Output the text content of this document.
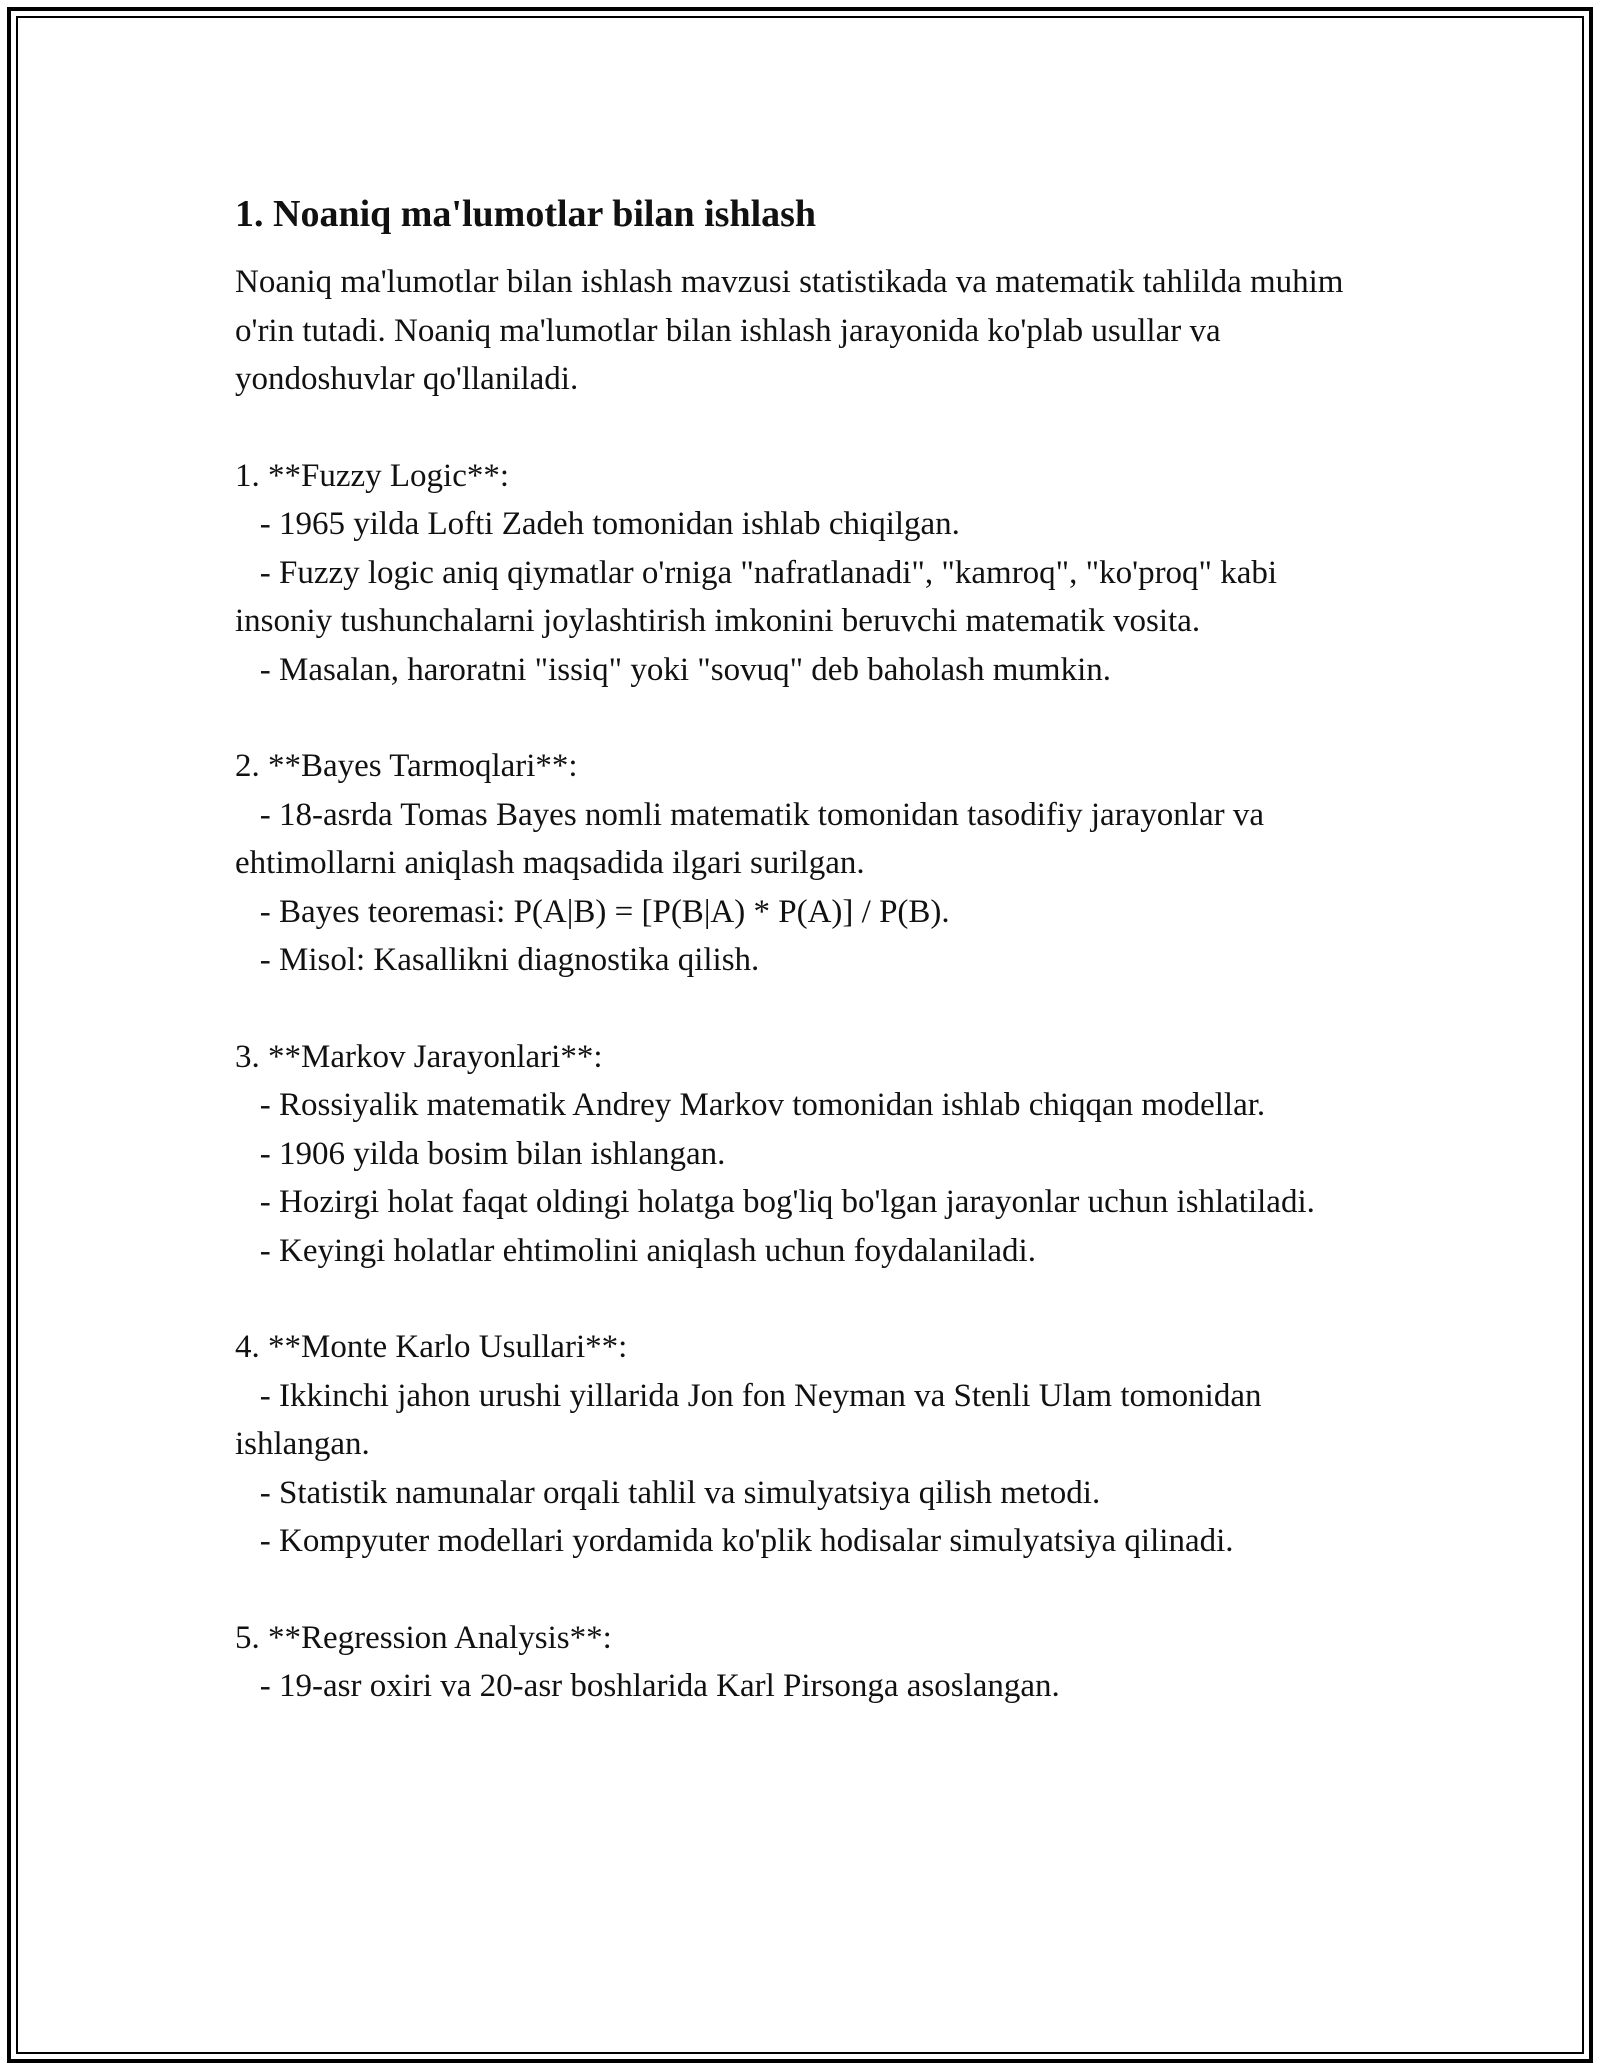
1. Noaniq ma'lumotlar bilan ishlash

Noaniq ma'lumotlar bilan ishlash mavzusi statistikada va matematik tahlilda muhim o'rin tutadi. Noaniq ma'lumotlar bilan ishlash jarayonida ko'plab usullar va yondoshuvlar qo'llaniladi.

1. **Fuzzy Logic**:
- 1965 yilda Lofti Zadeh tomonidan ishlab chiqilgan.
- Fuzzy logic aniq qiymatlar o'rniga "nafratlanadi", "kamroq", "ko'proq" kabi insoniy tushunchalarni joylashtirish imkonini beruvchi matematik vosita.
- Masalan, haroratni "issiq" yoki "sovuq" deb baholash mumkin.
2. **Bayes Tarmoqlari**:
- 18-asrda Tomas Bayes nomli matematik tomonidan tasodifiy jarayonlar va ehtimollarni aniqlash maqsadida ilgari surilgan.
- Bayes teoremasi: P(A|B) = [P(B|A) * P(A)] / P(B).
- Misol: Kasallikni diagnostika qilish.
3. **Markov Jarayonlari**:
- Rossiyalik matematik Andrey Markov tomonidan ishlab chiqqan modellar.
- 1906 yilda bosim bilan ishlangan.
- Hozirgi holat faqat oldingi holatga bog'liq bo'lgan jarayonlar uchun ishlatiladi.
- Keyingi holatlar ehtimolini aniqlash uchun foydalaniladi.
4. **Monte Karlo Usullari**:
- Ikkinchi jahon urushi yillarida Jon fon Neyman va Stenli Ulam tomonidan ishlangan.
- Statistik namunalar orqali tahlil va simulyatsiya qilish metodi.
- Kompyuter modellari yordamida ko'plik hodisalar simulyatsiya qilinadi.
5. **Regression Analysis**:
- 19-asr oxiri va 20-asr boshlarida Karl Pirsonga asoslangan.
